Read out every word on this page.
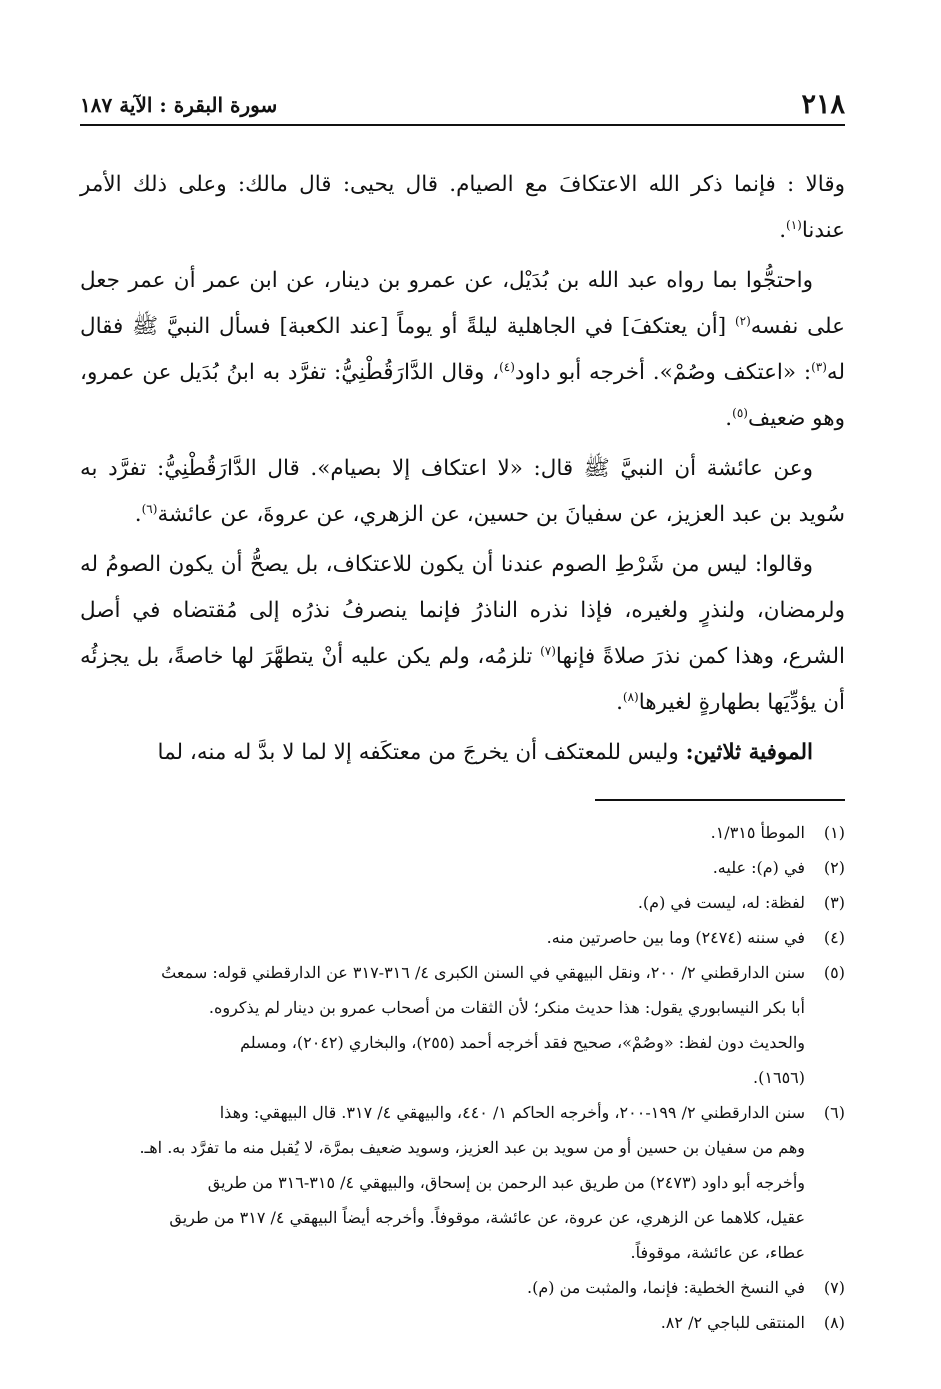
٢١٨
سورة البقرة : الآية ١٨٧

وقالا : فإنما ذكر الله الاعتكافَ مع الصيام. قال يحيى: قال مالك: وعلى ذلك الأمر عندنا$^{(١)}$.

واحتجُّوا بما رواه عبد الله بن بُدَيْل، عن عمرو بن دينار، عن ابن عمر أن عمر جعل على نفسه$^{(٢)}$ [أن يعتكفَ] في الجاهلية ليلةً أو يوماً [عند الكعبة] فسأل النبيَّ ﷺ فقال له$^{(٣)}$: «اعتكف وصُمْ». أخرجه أبو داود$^{(٤)}$، وقال الدَّارَقُطْنِيُّ: تفرَّد به ابنُ بُدَيل عن عمرو، وهو ضعيف$^{(٥)}$.

وعن عائشة أن النبيَّ ﷺ قال: «لا اعتكاف إلا بصيام». قال الدَّارَقُطْنِيُّ: تفرَّد به سُويد بن عبد العزيز، عن سفيانَ بن حسين، عن الزهري، عن عروةَ، عن عائشة$^{(٦)}$.

وقالوا: ليس من شَرْطِ الصوم عندنا أن يكون للاعتكاف، بل يصحُّ أن يكون الصومُ له ولرمضان، ولنذرٍ ولغيره، فإذا نذره الناذرُ فإنما ينصرفُ نذرُه إلى مُقتضاه في أصل الشرع، وهذا كمن نذرَ صلاةً فإنها$^{(٧)}$ تلزمُه، ولم يكن عليه أنْ يتطهَّرَ لها خاصةً، بل يجزئُه أن يؤدِّيَها بطهارةٍ لغيرها$^{(٨)}$.

الموفية ثلاثين: وليس للمعتكف أن يخرجَ من معتكَفه إلا لما لا بدَّ له منه، لما

(١)
الموطأ ١/٣١٥.
(٢)
في (م): عليه.
(٣)
لفظة: له، ليست في (م).
(٤)
في سننه (٢٤٧٤) وما بين حاصرتين منه.
(٥)
سنن الدارقطني ٢/ ٢٠٠، ونقل البيهقي في السنن الكبرى ٤/ ٣١٦-٣١٧ عن الدارقطني قوله: سمعتُ
أبا بكر النيسابوري يقول: هذا حديث منكر؛ لأن الثقات من أصحاب عمرو بن دينار لم يذكروه.
والحديث دون لفظ: «وصُمْ»، صحيح فقد أخرجه أحمد (٢٥٥)، والبخاري (٢٠٤٢)، ومسلم
(١٦٥٦).
(٦)
سنن الدارقطني ٢/ ١٩٩-٢٠٠، وأخرجه الحاكم ١/ ٤٤٠، والبيهقي ٤/ ٣١٧. قال البيهقي: وهذا
وهم من سفيان بن حسين أو من سويد بن عبد العزيز، وسويد ضعيف بمرَّة، لا يُقبل منه ما تفرَّد به. اهـ.
وأخرجه أبو داود (٢٤٧٣) من طريق عبد الرحمن بن إسحاق، والبيهقي ٤/ ٣١٥-٣١٦ من طريق
عقيل، كلاهما عن الزهري، عن عروة، عن عائشة، موقوفاً. وأخرجه أيضاً البيهقي ٤/ ٣١٧ من طريق
عطاء، عن عائشة، موقوفاً.
(٧)
في النسخ الخطية: فإنما، والمثبت من (م).
(٨)
المنتقى للباجي ٢/ ٨٢.
